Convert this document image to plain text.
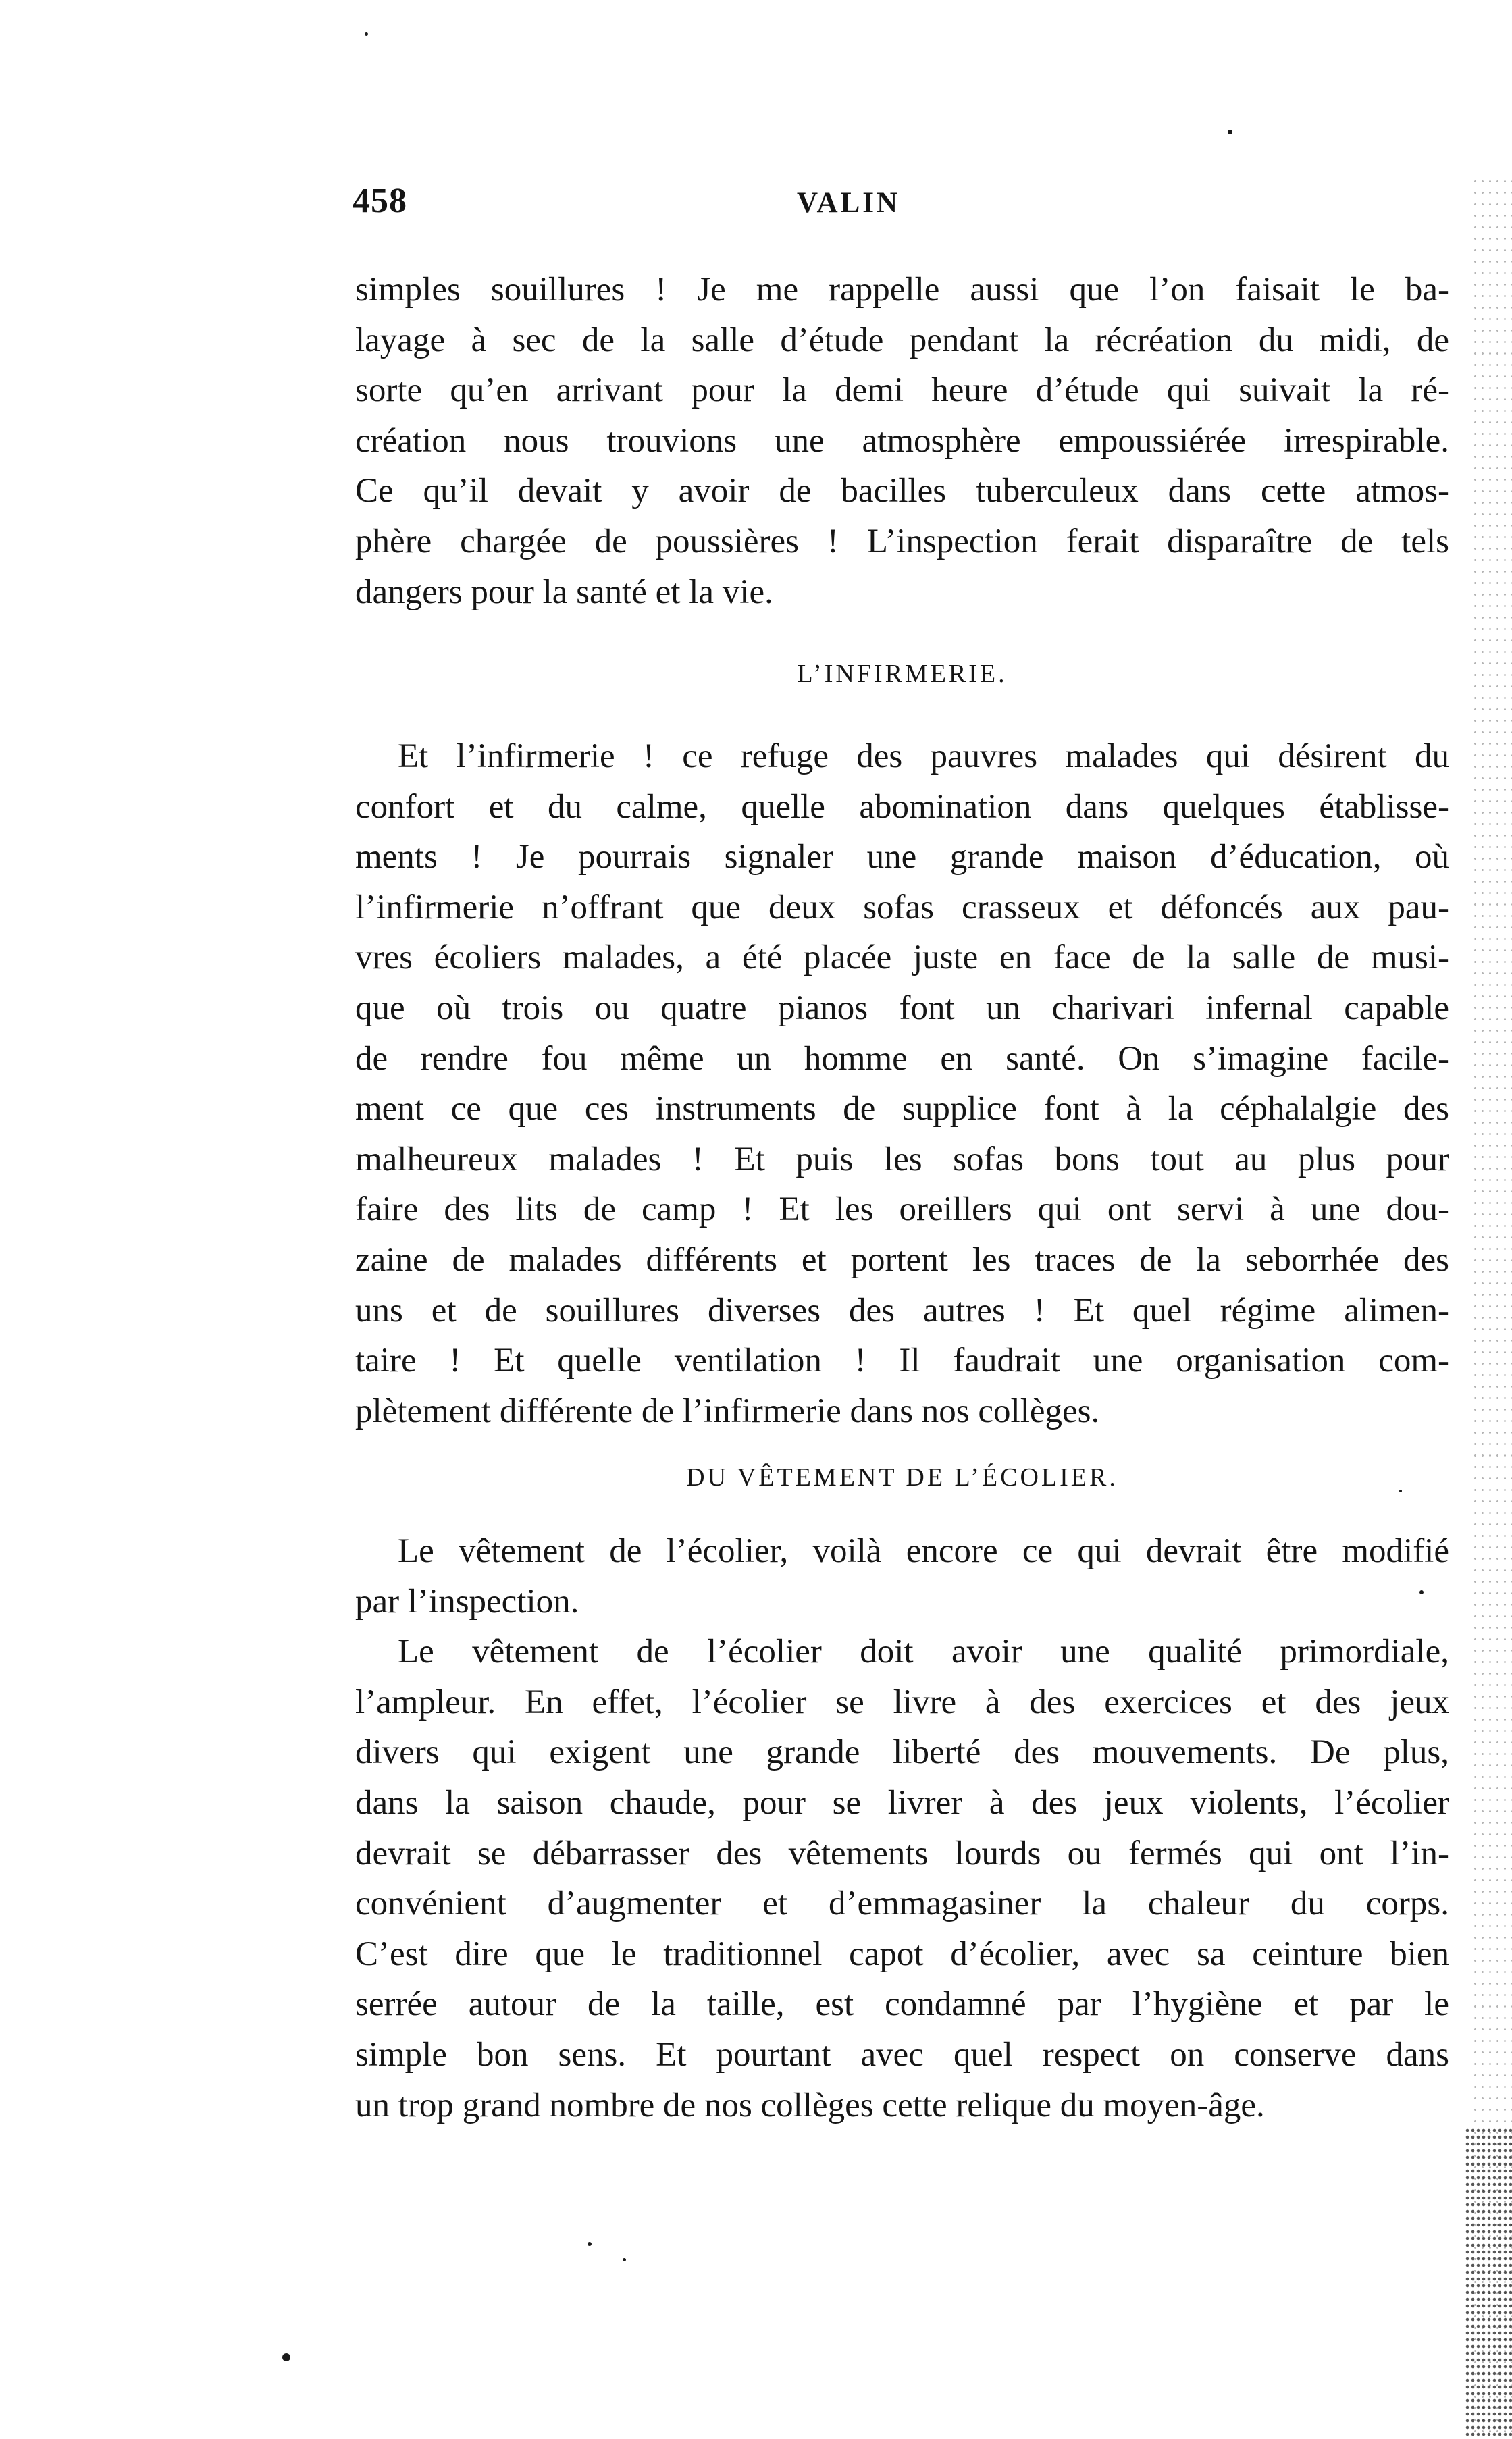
458	VALIN
simples souillures ! Je me rappelle aussi que l’on faisait le ba-
layage à sec de la salle d’étude pendant la récréation du midi, de
sorte qu’en arrivant pour la demi heure d’étude qui suivait la ré-
création nous trouvions une atmosphère empoussiérée irrespirable.
Ce qu’il devait y avoir de bacilles tuberculeux dans cette atmos-
phère chargée de poussières ! L’inspection ferait disparaître de tels
dangers pour la santé et la vie.
L’INFIRMERIE.
Et l’infirmerie ! ce refuge des pauvres malades qui désirent du
confort et du calme, quelle abomination dans quelques établisse-
ments ! Je pourrais signaler une grande maison d’éducation, où
l’infirmerie n’offrant que deux sofas crasseux et défoncés aux pau-
vres écoliers malades, a été placée juste en face de la salle de musi-
que où trois ou quatre pianos font un charivari infernal capable
de rendre fou même un homme en santé. On s’imagine facile-
ment ce que ces instruments de supplice font à la céphalalgie des
malheureux malades ! Et puis les sofas bons tout au plus pour
faire des lits de camp ! Et les oreillers qui ont servi à une dou-
zaine de malades différents et portent les traces de la seborrhée des
uns et de souillures diverses des autres ! Et quel régime alimen-
taire ! Et quelle ventilation ! Il faudrait une organisation com-
plètement différente de l’infirmerie dans nos collèges.
DU VÊTEMENT DE L’ÉCOLIER.
Le vêtement de l’écolier, voilà encore ce qui devrait être modifié
par l’inspection.
Le vêtement de l’écolier doit avoir une qualité primordiale,
l’ampleur. En effet, l’écolier se livre à des exercices et des jeux
divers qui exigent une grande liberté des mouvements. De plus,
dans la saison chaude, pour se livrer à des jeux violents, l’écolier
devrait se débarrasser des vêtements lourds ou fermés qui ont l’in-
convénient d’augmenter et d’emmagasiner la chaleur du corps.
C’est dire que le traditionnel capot d’écolier, avec sa ceinture bien
serrée autour de la taille, est condamné par l’hygiène et par le
simple bon sens. Et pourtant avec quel respect on conserve dans
un trop grand nombre de nos collèges cette relique du moyen-âge.
